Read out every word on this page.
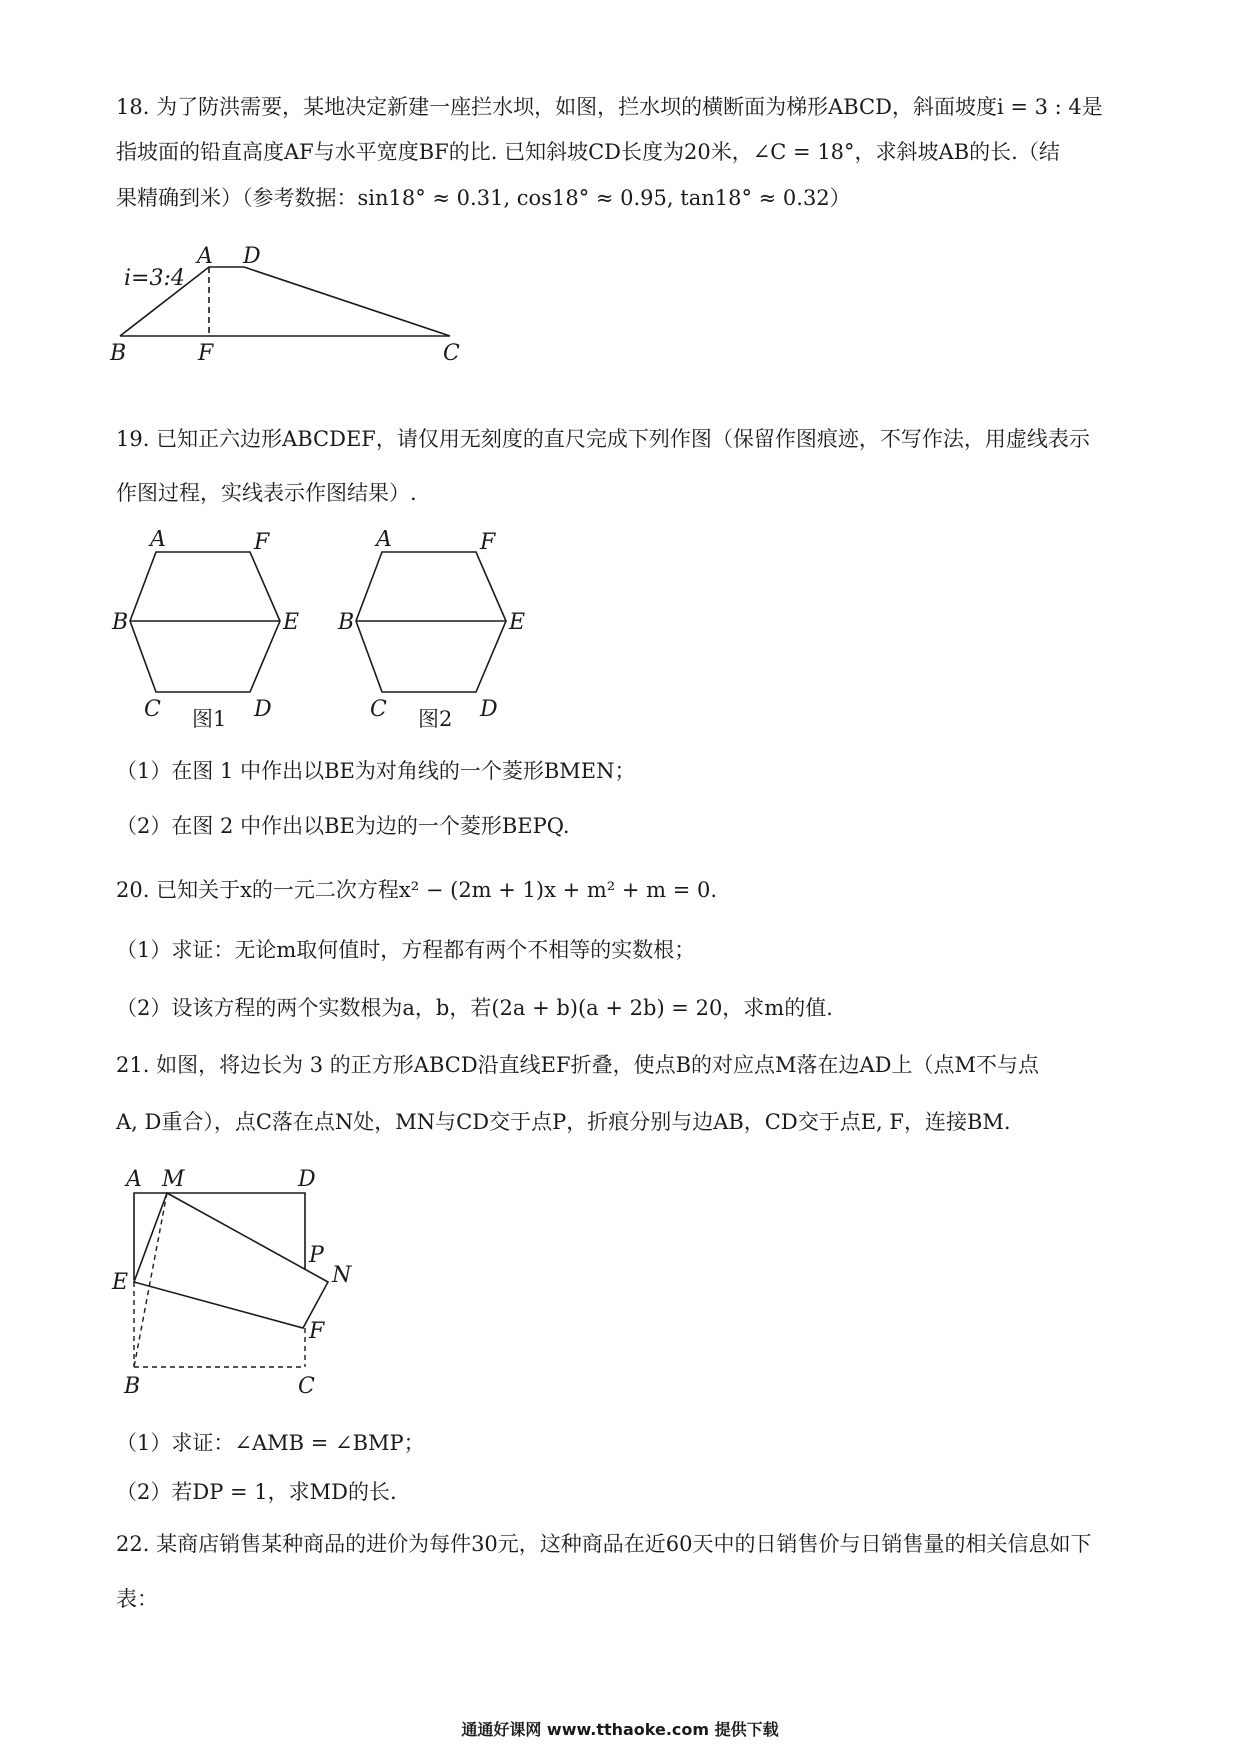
18. 为了防洪需要，某地决定新建一座拦水坝，如图，拦水坝的横断面为梯形ABCD，斜面坡度i = 3 : 4是
指坡面的铅直高度AF与水平宽度BF的比. 已知斜坡CD长度为20米，∠C = 18°，求斜坡AB的长.（结
果精确到米）（参考数据：sin18° ≈ 0.31, cos18° ≈ 0.95, tan18° ≈ 0.32）
A D
B	F	C
i=3:4
19. 已知正六边形ABCDEF，请仅用无刻度的直尺完成下列作图（保留作图痕迹，不写作法，用虚线表示
作图过程，实线表示作图结果）.
A	F
B	E
C	D
图1
A	F
B	E
C	D
图2
（1）在图 1 中作出以BE为对角线的一个菱形BMEN；
（2）在图 2 中作出以BE为边的一个菱形BEPQ.
20. 已知关于x的一元二次方程x² − (2m + 1)x + m² + m = 0.
（1）求证：无论m取何值时，方程都有两个不相等的实数根；
（2）设该方程的两个实数根为a，b，若(2a + b)(a + 2b) = 20，求m的值.
21. 如图，将边长为 3 的正方形ABCD沿直线EF折叠，使点B的对应点M落在边AD上（点M不与点
A, D重合），点C落在点N处，MN与CD交于点P，折痕分别与边AB，CD交于点E, F，连接BM.
A M	D
P
N
E
F
B	C
（1）求证：∠AMB = ∠BMP；
（2）若DP = 1，求MD的长.
22. 某商店销售某种商品的进价为每件30元，这种商品在近60天中的日销售价与日销售量的相关信息如下
表：
通通好课网 www.tthaoke.com 提供下载
